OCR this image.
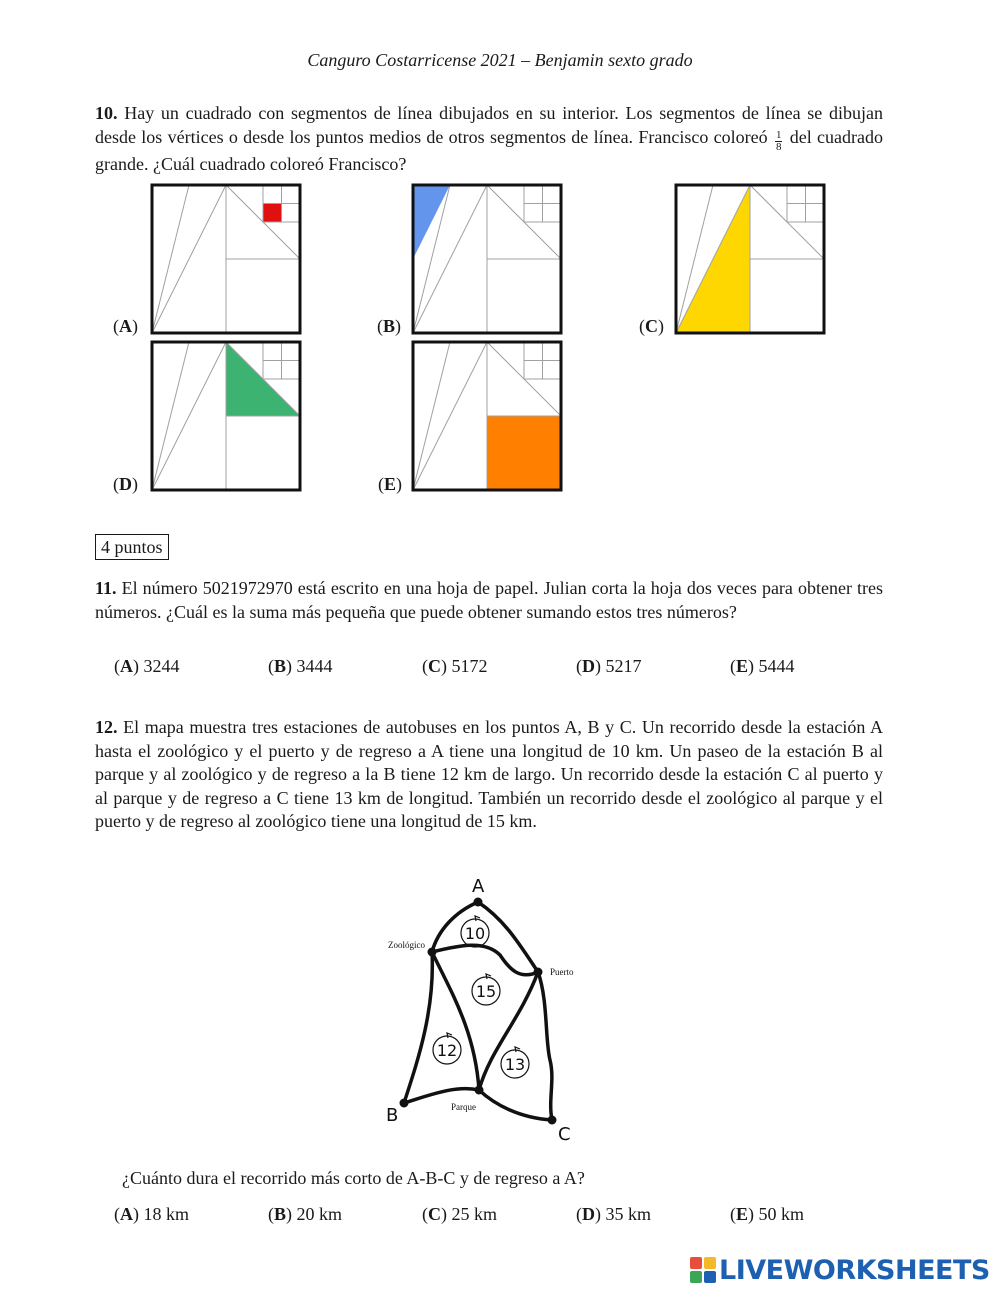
Canguro Costarricense 2021 – Benjamin sexto grado
10. Hay un cuadrado con segmentos de línea dibujados en su interior. Los segmentos de línea se dibujan desde los vértices o desde los puntos medios de otros segmentos de línea. Francisco coloreó $\frac{1}{8}$ del cuadrado grande. ¿Cuál cuadrado coloreó Francisco?
10
15
12
13
A
B
C
Zoológico
Puerto
Parque
(A)	(B)	(C)
(D)	(E)
4 puntos
11. El número 5021972970 está escrito en una hoja de papel. Julian corta la hoja dos veces para obtener tres números. ¿Cuál es la suma más pequeña que puede obtener sumando estos tres números?
(A) 3244	(B) 3444	(C) 5172	(D) 5217	(E) 5444
12. El mapa muestra tres estaciones de autobuses en los puntos A, B y C. Un recorrido desde la estación A hasta el zoológico y el puerto y de regreso a A tiene una longitud de 10 km. Un paseo de la estación B al parque y al zoológico y de regreso a la B tiene 12 km de largo. Un recorrido desde la estación C al puerto y al parque y de regreso a C tiene 13 km de longitud. También un recorrido desde el zoológico al parque y el puerto y de regreso al zoológico tiene una longitud de 15 km.
¿Cuánto dura el recorrido más corto de A-B-C y de regreso a A?
(A) 18 km	(B) 20 km	(C) 25 km	(D) 35 km	(E) 50 km
LIVEWORKSHEETS
